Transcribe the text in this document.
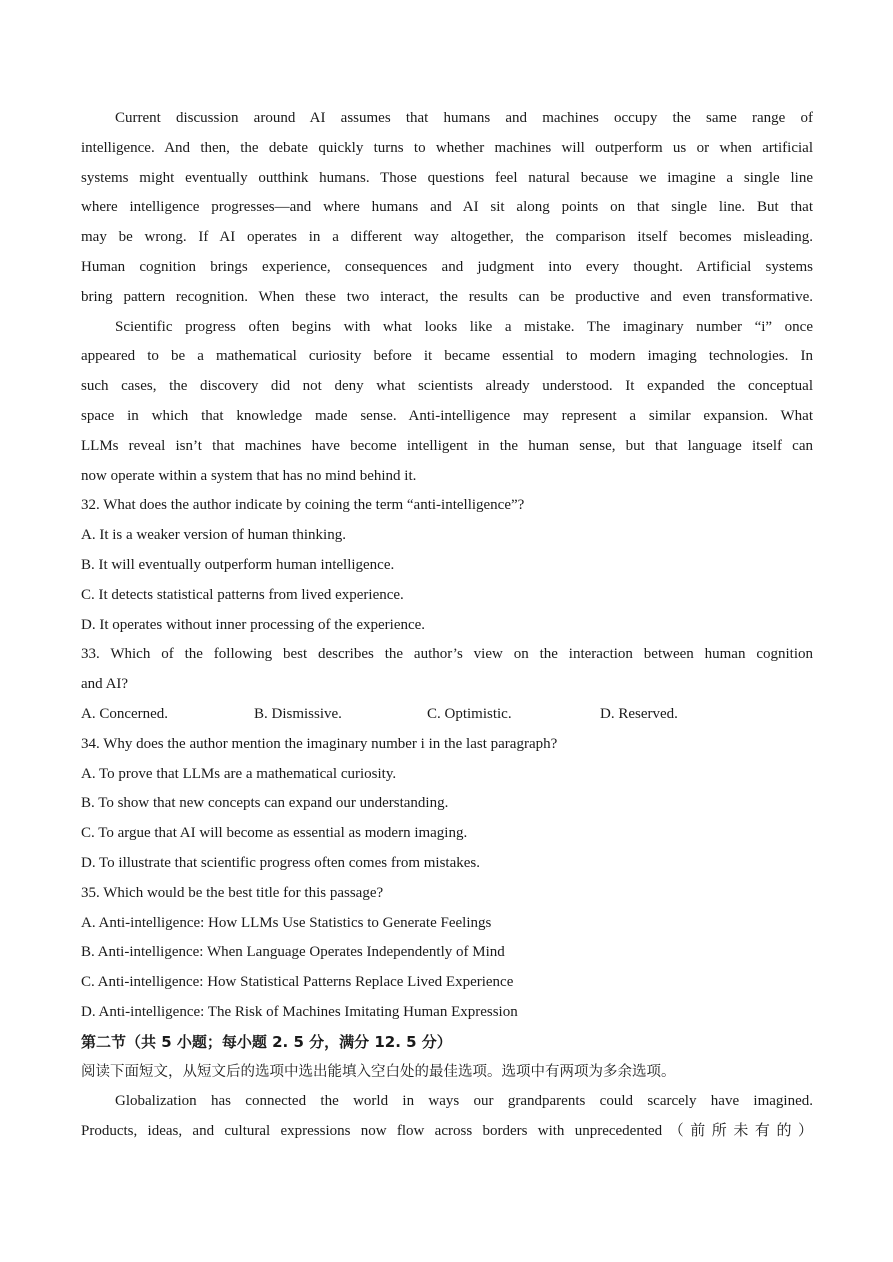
Current discussion around AI assumes that humans and machines occupy the same range of
intelligence. And then, the debate quickly turns to whether machines will outperform us or when artificial
systems might eventually outthink humans. Those questions feel natural because we imagine a single line
where intelligence progresses—and where humans and AI sit along points on that single line. But that
may be wrong. If AI operates in a different way altogether, the comparison itself becomes misleading.
Human cognition brings experience, consequences and judgment into every thought. Artificial systems
bring pattern recognition. When these two interact, the results can be productive and even transformative.
Scientific progress often begins with what looks like a mistake. The imaginary number “i” once
appeared to be a mathematical curiosity before it became essential to modern imaging technologies. In
such cases, the discovery did not deny what scientists already understood. It expanded the conceptual
space in which that knowledge made sense. Anti-intelligence may represent a similar expansion. What
LLMs reveal isn’t that machines have become intelligent in the human sense, but that language itself can
now operate within a system that has no mind behind it.
32. What does the author indicate by coining the term “anti-intelligence”?
A. It is a weaker version of human thinking.
B. It will eventually outperform human intelligence.
C. It detects statistical patterns from lived experience.
D. It operates without inner processing of the experience.
33. Which of the following best describes the author’s view on the interaction between human cognition
and AI?
A. Concerned.	B. Dismissive.	C. Optimistic.	D. Reserved.
34. Why does the author mention the imaginary number i in the last paragraph?
A. To prove that LLMs are a mathematical curiosity.
B. To show that new concepts can expand our understanding.
C. To argue that AI will become as essential as modern imaging.
D. To illustrate that scientific progress often comes from mistakes.
35. Which would be the best title for this passage?
A. Anti-intelligence: How LLMs Use Statistics to Generate Feelings
B. Anti-intelligence: When Language Operates Independently of Mind
C. Anti-intelligence: How Statistical Patterns Replace Lived Experience
D. Anti-intelligence: The Risk of Machines Imitating Human Expression
第二节（共 5 小题；每小题 2. 5 分，满分 12. 5 分）
阅读下面短文，从短文后的选项中选出能填入空白处的最佳选项。选项中有两项为多余选项。
Globalization has connected the world in ways our grandparents could scarcely have imagined.
Products, ideas, and cultural expressions now flow across borders with unprecedented（前所未有的）
